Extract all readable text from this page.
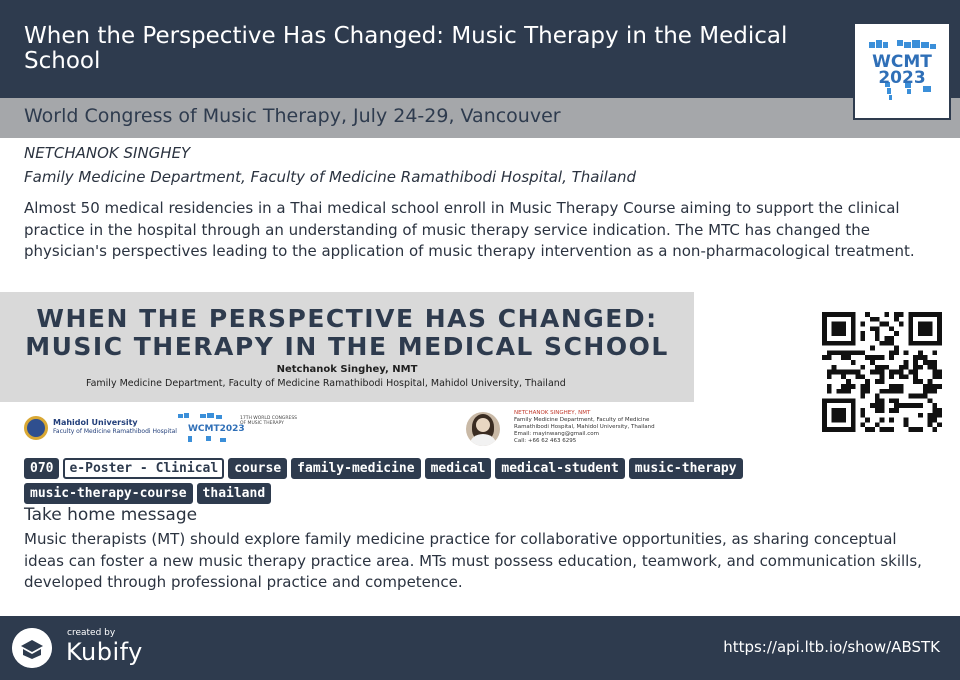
When the Perspective Has Changed: Music Therapy in the Medical School	WCMT
2023
World Congress of Music Therapy, July 24-29, Vancouver
NETCHANOK SINGHEY
Family Medicine Department, Faculty of Medicine Ramathibodi Hospital, Thailand

Almost 50 medical residencies in a Thai medical school enroll in Music Therapy Course aiming to support the clinical practice in the hospital through an understanding of music therapy service indication. The MTC has changed the physician's perspectives leading to the application of music therapy intervention as a non-pharmacological treatment.

WHEN THE PERSPECTIVE HAS CHANGED:
MUSIC THERAPY IN THE MEDICAL SCHOOL
Netchanok Singhey, NMT
Family Medicine Department, Faculty of Medicine Ramathibodi Hospital, Mahidol University, Thailand
Mahidol University
Faculty of Medicine Ramathibodi Hospital WCMT2023
17TH WORLD CONGRESS OF MUSIC THERAPY
NETCHANOK SINGHEY, NMT
Family Medicine Department, Faculty of Medicine
Ramathibodi Hospital, Mahidol University, Thailand
Email: mayinwang@gmail.com
Call: +66 62 463 6295
070 e-Poster - Clinical course family-medicine medical medical-student music-therapy
music-therapy-course thailand
Take home message

Music therapists (MT) should explore family medicine practice for collaborative opportunities, as sharing conceptual ideas can foster a new music therapy practice area. MTs must possess education, teamwork, and communication skills, developed through professional practice and competence.

created by
Kubify	https://api.ltb.io/show/ABSTK
